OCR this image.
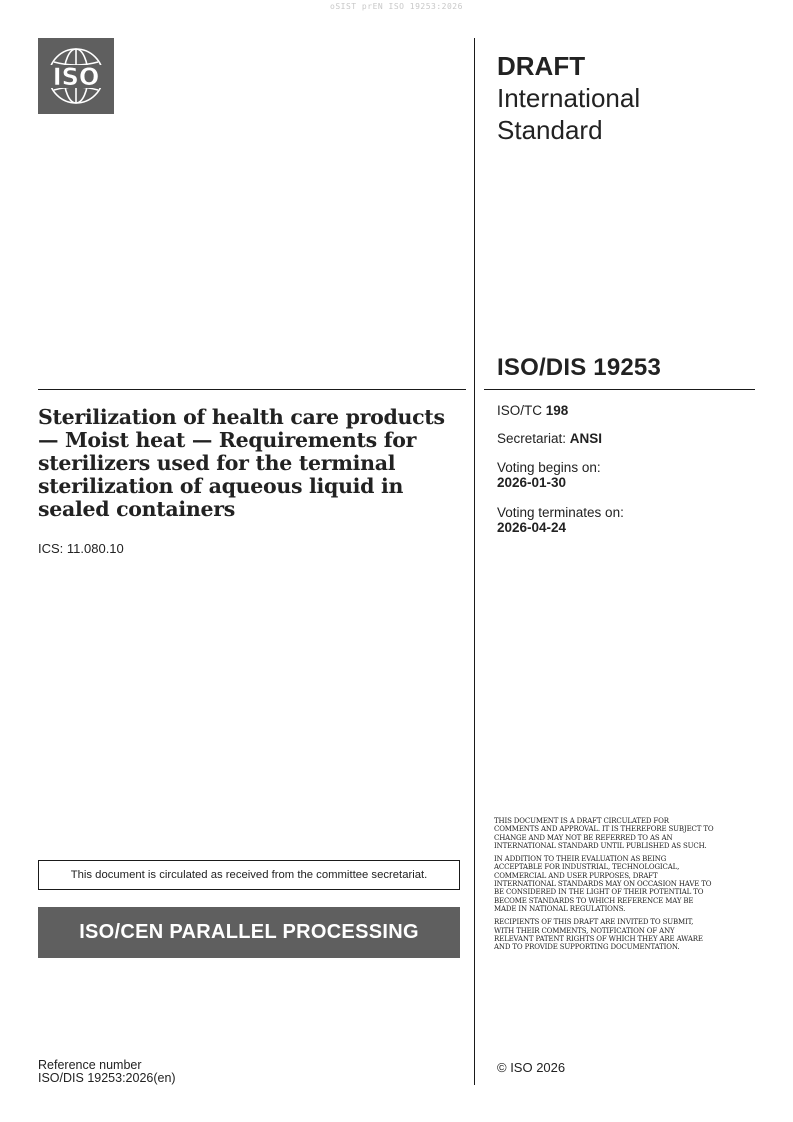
oSIST prEN ISO 19253:2026
ISO	DRAFT
International
Standard
ISO/DIS 19253
Sterilization of health care products — Moist heat — Requirements for sterilizers used for the terminal sterilization of aqueous liquid in sealed containers
ICS: 11.080.10
ISO/TC 198
Secretariat: ANSI
Voting begins on:
2026-01-30
Voting terminates on:
2026-04-24
This document is circulated as received from the committee secretariat.
ISO/CEN PARALLEL PROCESSING

THIS DOCUMENT IS A DRAFT CIRCULATED FOR COMMENTS AND APPROVAL. IT IS THEREFORE SUBJECT TO CHANGE AND MAY NOT BE REFERRED TO AS AN INTERNATIONAL STANDARD UNTIL PUBLISHED AS SUCH.

IN ADDITION TO THEIR EVALUATION AS BEING ACCEPTABLE FOR INDUSTRIAL, TECHNOLOGICAL, COMMERCIAL AND USER PURPOSES, DRAFT INTERNATIONAL STANDARDS MAY ON OCCASION HAVE TO BE CONSIDERED IN THE LIGHT OF THEIR POTENTIAL TO BECOME STANDARDS TO WHICH REFERENCE MAY BE MADE IN NATIONAL REGULATIONS.

RECIPIENTS OF THIS DRAFT ARE INVITED TO SUBMIT, WITH THEIR COMMENTS, NOTIFICATION OF ANY RELEVANT PATENT RIGHTS OF WHICH THEY ARE AWARE AND TO PROVIDE SUPPORTING DOCUMENTATION.

© ISO 2026
Reference number
ISO/DIS 19253:2026(en)
